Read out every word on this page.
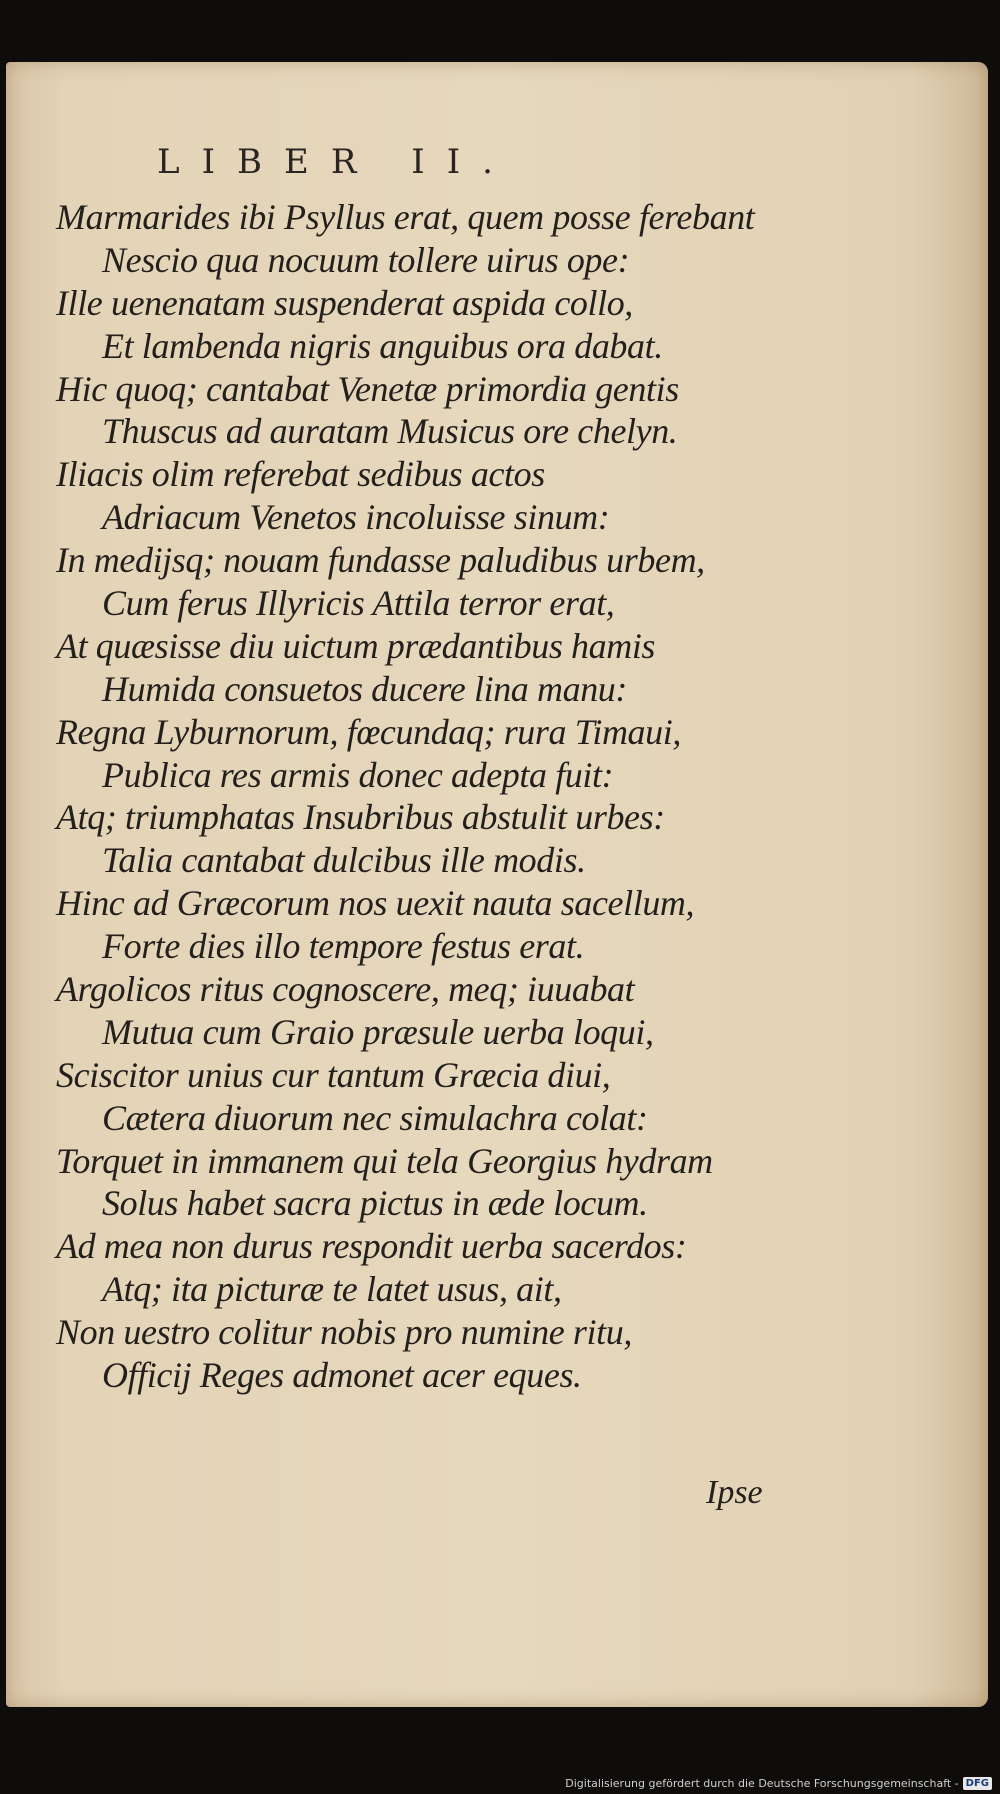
LIBER II.
Marmarides ibi Psyllus erat, quem posse ferebant
Nescio qua nocuum tollere uirus ope:
Ille uenenatam suspenderat aspida collo,
Et lambenda nigris anguibus ora dabat.
Hic quoq; cantabat Venetæ primordia gentis
Thuscus ad auratam Musicus ore chelyn.
Iliacis olim referebat sedibus actos
Adriacum Venetos incoluisse sinum:
In medijsq; nouam fundasse paludibus urbem,
Cum ferus Illyricis Attila terror erat,
At quæsisse diu uictum prædantibus hamis
Humida consuetos ducere lina manu:
Regna Lyburnorum, fœcundaq; rura Timaui,
Publica res armis donec adepta fuit:
Atq; triumphatas Insubribus abstulit urbes:
Talia cantabat dulcibus ille modis.
Hinc ad Græcorum nos uexit nauta sacellum,
Forte dies illo tempore festus erat.
Argolicos ritus cognoscere, meq; iuuabat
Mutua cum Graio præsule uerba loqui,
Sciscitor unius cur tantum Græcia diui,
Cætera diuorum nec simulachra colat:
Torquet in immanem qui tela Georgius hydram
Solus habet sacra pictus in æde locum.
Ad mea non durus respondit uerba sacerdos:
Atq; ita picturæ te latet usus, ait,
Non uestro colitur nobis pro numine ritu,
Officij Reges admonet acer eques.
Ipse
Digitalisierung gefördert durch die Deutsche Forschungsgemeinschaft - DFG
